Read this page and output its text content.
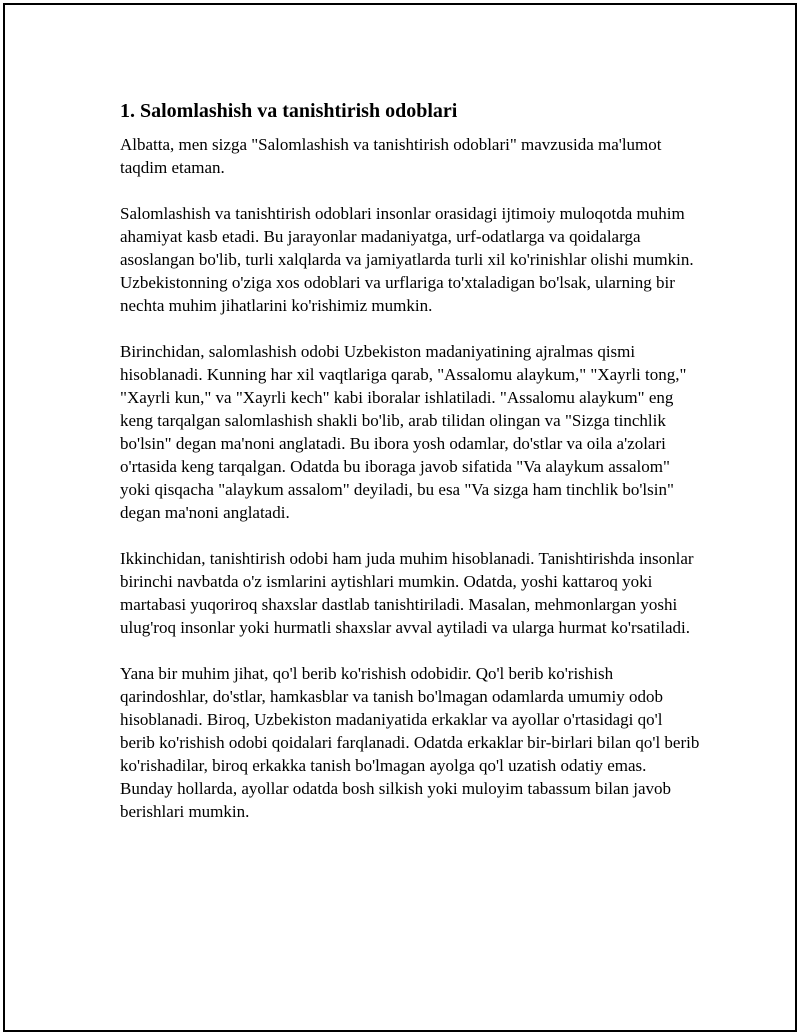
1. Salomlashish va tanishtirish odoblari

Albatta, men sizga "Salomlashish va tanishtirish odoblari" mavzusida ma'lumot taqdim etaman.

Salomlashish va tanishtirish odoblari insonlar orasidagi ijtimoiy muloqotda muhim ahamiyat kasb etadi. Bu jarayonlar madaniyatga, urf-odatlarga va qoidalarga asoslangan bo'lib, turli xalqlarda va jamiyatlarda turli xil ko'rinishlar olishi mumkin. Uzbekistonning o'ziga xos odoblari va urflariga to'xtaladigan bo'lsak, ularning bir nechta muhim jihatlarini ko'rishimiz mumkin.

Birinchidan, salomlashish odobi Uzbekiston madaniyatining ajralmas qismi hisoblanadi. Kunning har xil vaqtlariga qarab, "Assalomu alaykum," "Xayrli tong," "Xayrli kun," va "Xayrli kech" kabi iboralar ishlatiladi. "Assalomu alaykum" eng keng tarqalgan salomlashish shakli bo'lib, arab tilidan olingan va "Sizga tinchlik bo'lsin" degan ma'noni anglatadi. Bu ibora yosh odamlar, do'stlar va oila a'zolari o'rtasida keng tarqalgan. Odatda bu iboraga javob sifatida "Va alaykum assalom" yoki qisqacha "alaykum assalom" deyiladi, bu esa "Va sizga ham tinchlik bo'lsin" degan ma'noni anglatadi.

Ikkinchidan, tanishtirish odobi ham juda muhim hisoblanadi. Tanishtirishda insonlar birinchi navbatda o'z ismlarini aytishlari mumkin. Odatda, yoshi kattaroq yoki martabasi yuqoriroq shaxslar dastlab tanishtiriladi. Masalan, mehmonlargan yoshi ulug'roq insonlar yoki hurmatli shaxslar avval aytiladi va ularga hurmat ko'rsatiladi.

Yana bir muhim jihat, qo'l berib ko'rishish odobidir. Qo'l berib ko'rishish qarindoshlar, do'stlar, hamkasblar va tanish bo'lmagan odamlarda umumiy odob hisoblanadi. Biroq, Uzbekiston madaniyatida erkaklar va ayollar o'rtasidagi qo'l berib ko'rishish odobi qoidalari farqlanadi. Odatda erkaklar bir-birlari bilan qo'l berib ko'rishadilar, biroq erkakka tanish bo'lmagan ayolga qo'l uzatish odatiy emas. Bunday hollarda, ayollar odatda bosh silkish yoki muloyim tabassum bilan javob berishlari mumkin.
